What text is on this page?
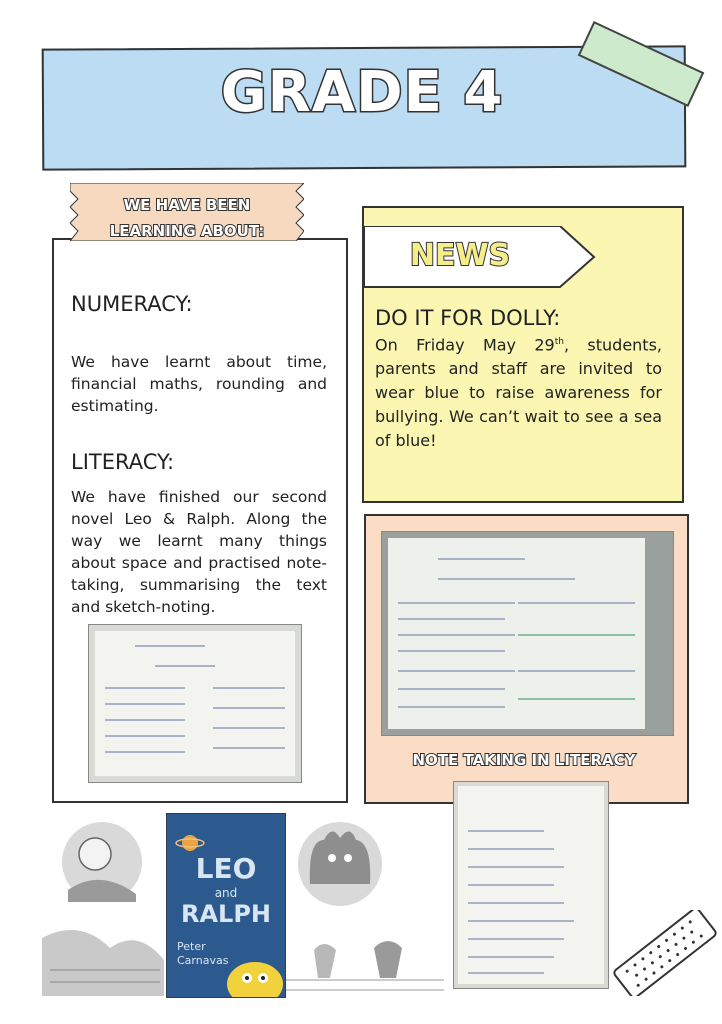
GRADE 4
WE HAVE BEEN
LEARNING ABOUT:
NUMERACY:
We have learnt about time, financial maths, rounding and estimating.
LITERACY:
We have finished our second novel Leo & Ralph. Along the way we learnt many things about space and practised note-taking, summarising the text and sketch-noting.
NEWS
DO IT FOR DOLLY:
On Friday May 29th, students, parents and staff are invited to wear blue to raise awareness for bullying. We can’t wait to see a sea of blue!
NOTE TAKING IN LITERACY
LEO
and
RALPH
Peter
Carnavas
